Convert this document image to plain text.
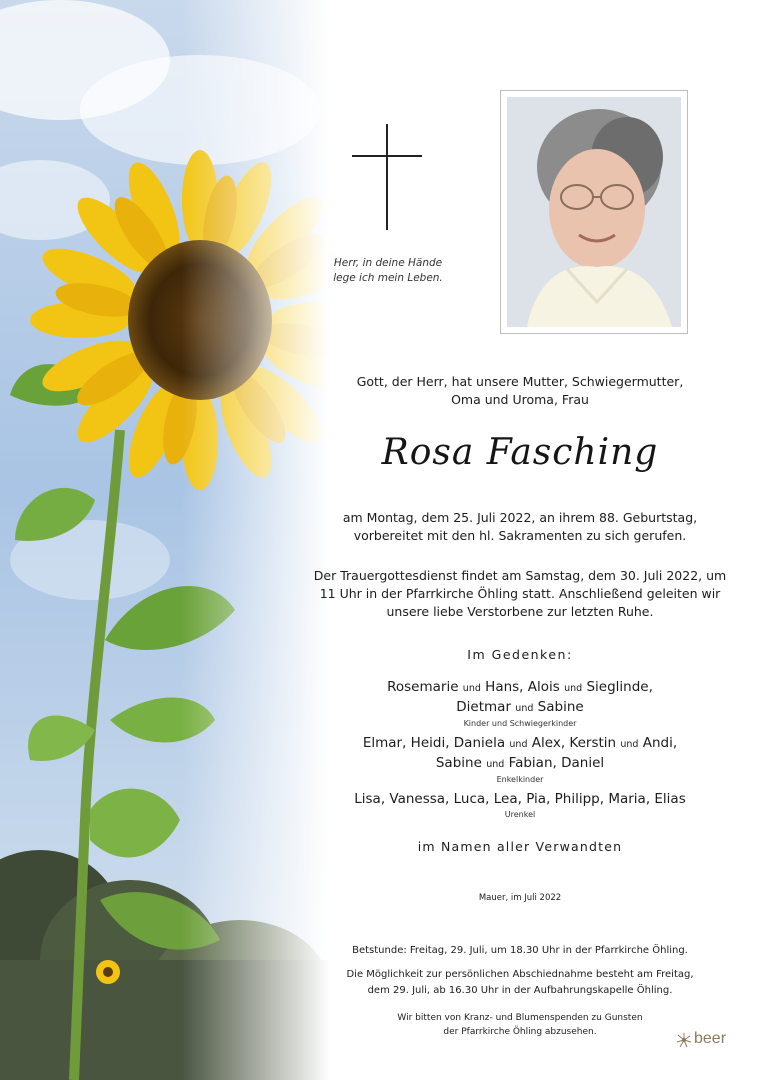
Herr, in deine Hände
lege ich mein Leben.
Gott, der Herr, hat unsere Mutter, Schwiegermutter,
Oma und Uroma, Frau
Rosa Fasching
am Montag, dem 25. Juli 2022, an ihrem 88. Geburtstag,
vorbereitet mit den hl. Sakramenten zu sich gerufen.
Der Trauergottesdienst findet am Samstag, dem 30. Juli 2022, um
11 Uhr in der Pfarrkirche Öhling statt. Anschließend geleiten wir
unsere liebe Verstorbene zur letzten Ruhe.
Im Gedenken:
Rosemarie und Hans, Alois und Sieglinde,
Dietmar und Sabine
Kinder und Schwiegerkinder
Elmar, Heidi, Daniela und Alex, Kerstin und Andi,
Sabine und Fabian, Daniel
Enkelkinder
Lisa, Vanessa, Luca, Lea, Pia, Philipp, Maria, Elias
Urenkel
im Namen aller Verwandten
Mauer, im Juli 2022
Betstunde: Freitag, 29. Juli, um 18.30 Uhr in der Pfarrkirche Öhling.
Die Möglichkeit zur persönlichen Abschiednahme besteht am Freitag,
dem 29. Juli, ab 16.30 Uhr in der Aufbahrungskapelle Öhling.
Wir bitten von Kranz- und Blumenspenden zu Gunsten
der Pfarrkirche Öhling abzusehen.	beer
